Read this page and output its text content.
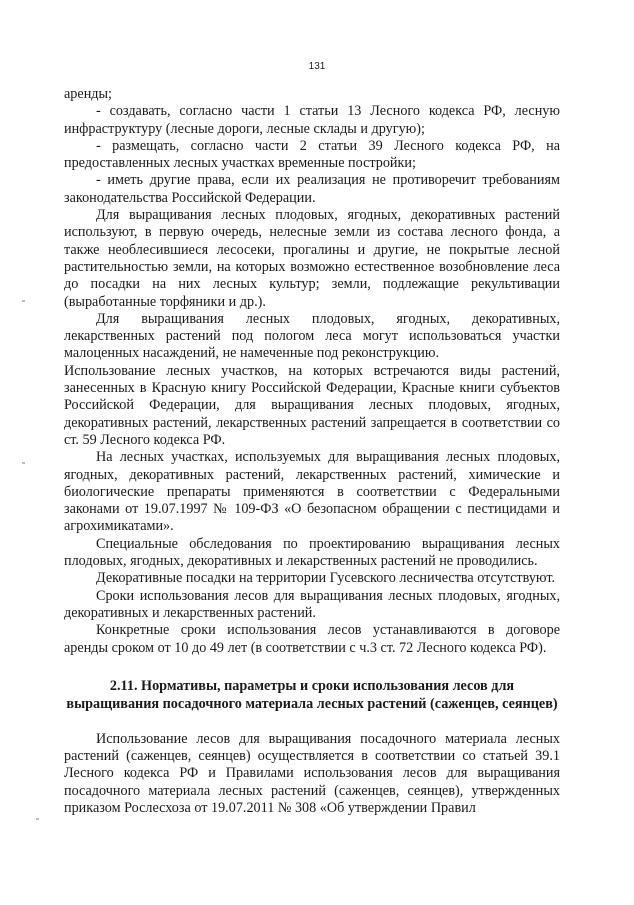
131

аренды;

- создавать, согласно части 1 статьи 13 Лесного кодекса РФ, лесную инфраструктуру (лесные дороги, лесные склады и другую);

- размещать, согласно части 2 статьи 39 Лесного кодекса РФ, на предоставленных лесных участках временные постройки;

- иметь другие права, если их реализация не противоречит требованиям законодательства Российской Федерации.

Для выращивания лесных плодовых, ягодных, декоративных растений используют, в первую очередь, нелесные земли из состава лесного фонда, а также необлесившиеся лесосеки, прогалины и другие, не покрытые лесной растительностью земли, на которых возможно естественное возобновление леса до посадки на них лесных культур; земли, подлежащие рекультивации (выработанные торфяники и др.).

Для выращивания лесных плодовых, ягодных, декоративных, лекарственных растений под пологом леса могут использоваться участки малоценных насаждений, не намеченные под реконструкцию.

Использование лесных участков, на которых встречаются виды растений, занесенных в Красную книгу Российской Федерации, Красные книги субъектов Российской Федерации, для выращивания лесных плодовых, ягодных, декоративных растений, лекарственных растений запрещается в соответствии со ст. 59 Лесного кодекса РФ.

На лесных участках, используемых для выращивания лесных плодовых, ягодных, декоративных растений, лекарственных растений, химические и биологические препараты применяются в соответствии с Федеральными законами от 19.07.1997 № 109-ФЗ «О безопасном обращении с пестицидами и агрохимикатами».

Специальные обследования по проектированию выращивания лесных плодовых, ягодных, декоративных и лекарственных растений не проводились.

Декоративные посадки на территории Гусевского лесничества отсутствуют.

Сроки использования лесов для выращивания лесных плодовых, ягодных, декоративных и лекарственных растений.

Конкретные сроки использования лесов устанавливаются в договоре аренды сроком от 10 до 49 лет (в соответствии с ч.3 ст. 72 Лесного кодекса РФ).

2.11. Нормативы, параметры и сроки использования лесов для выращивания посадочного материала лесных растений (саженцев, сеянцев)

Использование лесов для выращивания посадочного материала лесных растений (саженцев, сеянцев) осуществляется в соответствии со статьей 39.1 Лесного кодекса РФ и Правилами использования лесов для выращивания посадочного материала лесных растений (саженцев, сеянцев), утвержденных приказом Рослесхоза от 19.07.2011 № 308 «Об утверждении Правил
